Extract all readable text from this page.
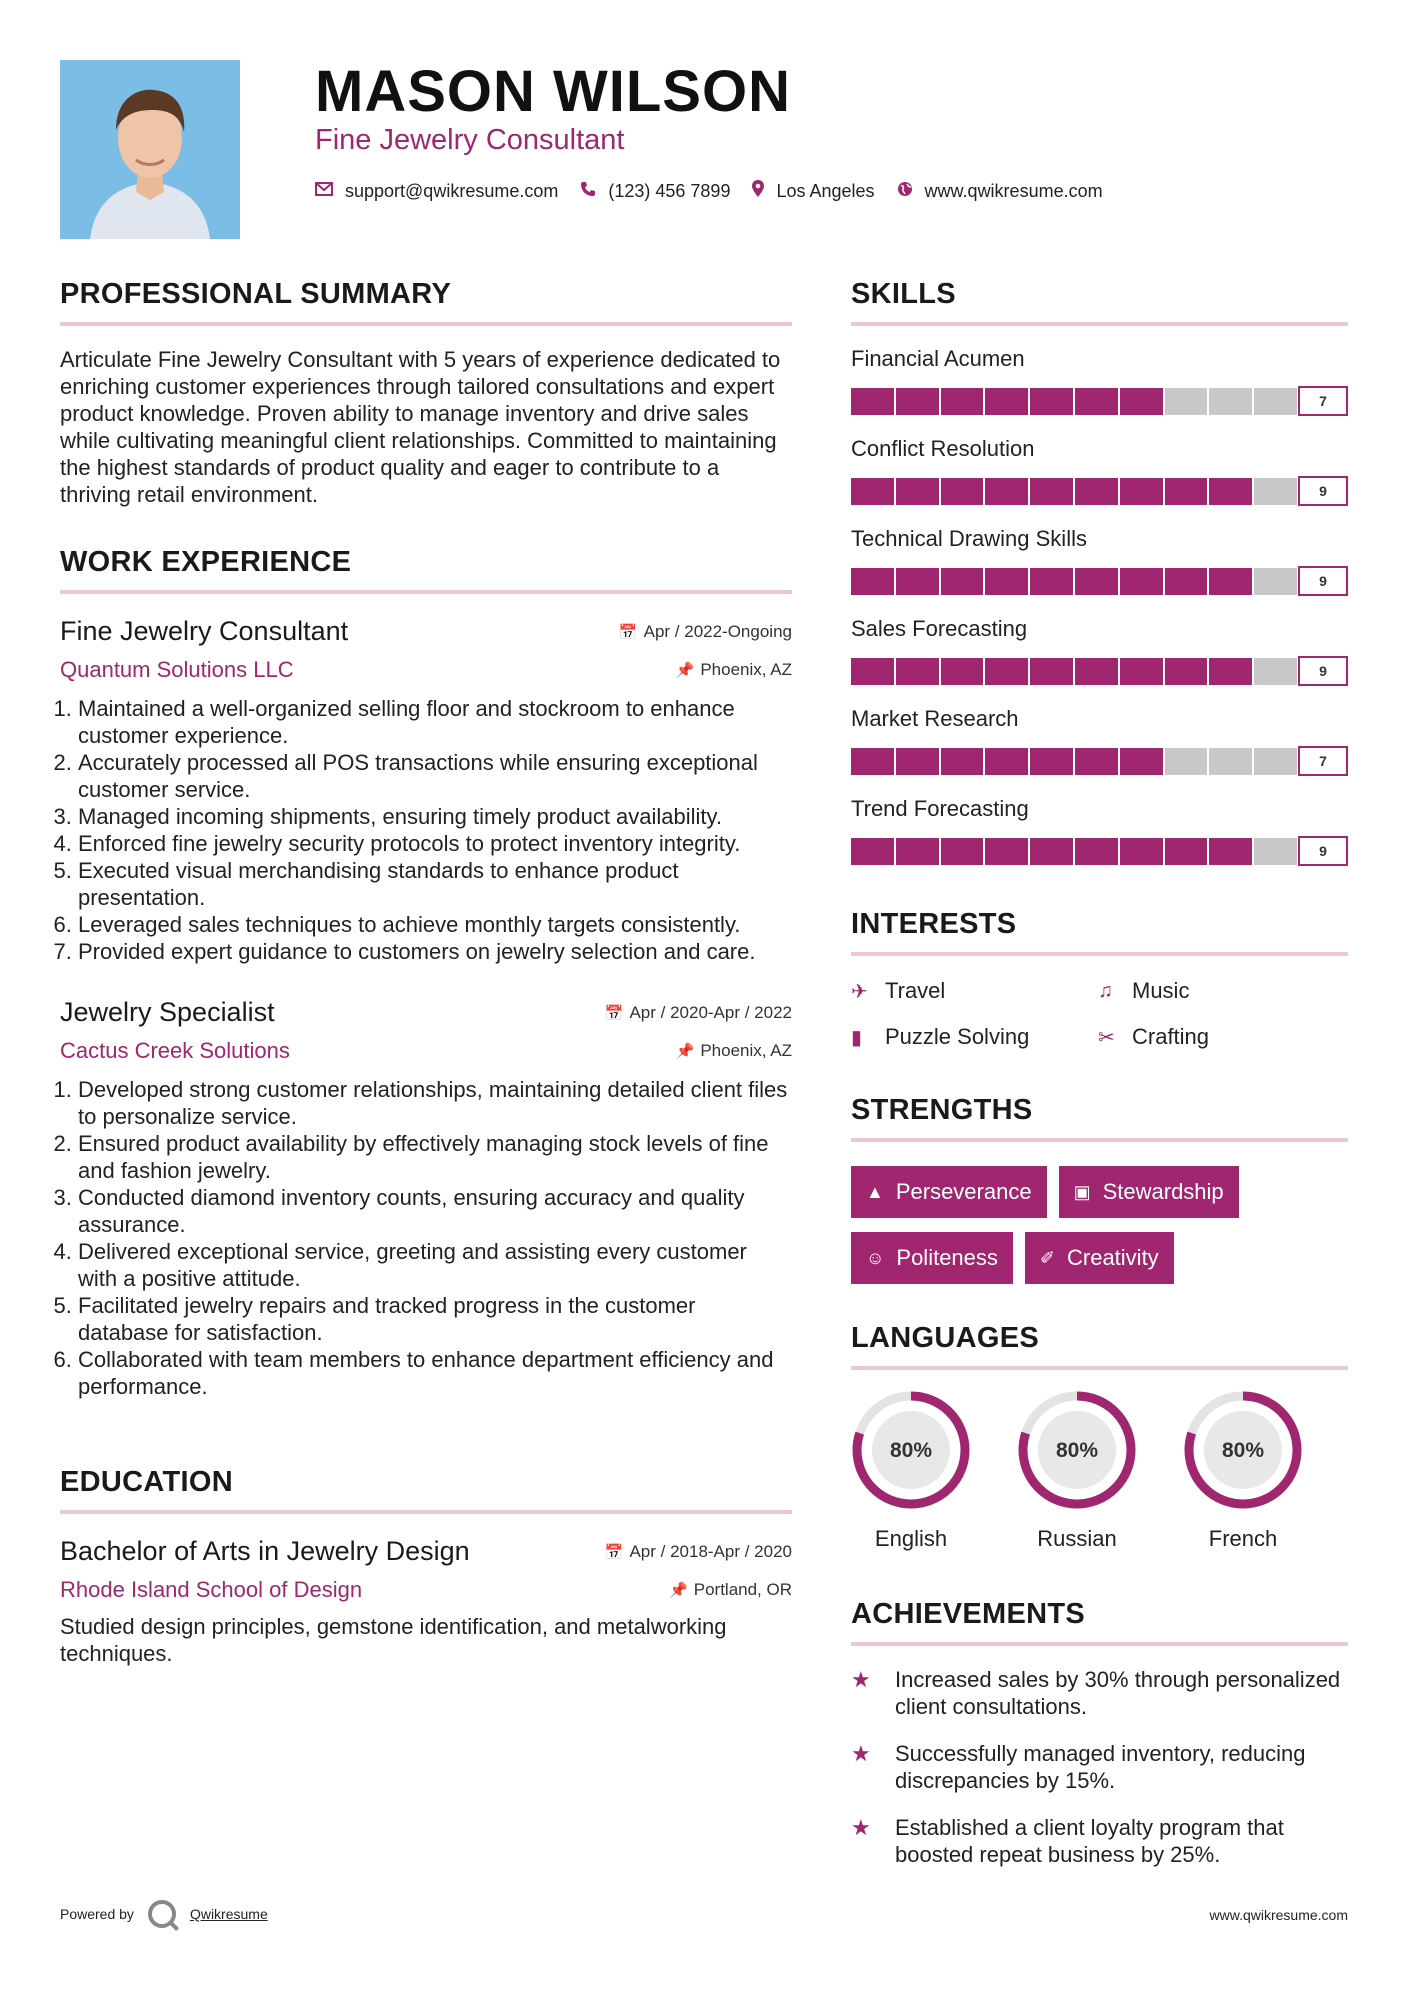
MASON WILSON
Fine Jewelry Consultant
support@qwikresume.com	(123) 456 7899	Los Angeles	www.qwikresume.com
PROFESSIONAL SUMMARY

Articulate Fine Jewelry Consultant with 5 years of experience dedicated to enriching customer experiences through tailored consultations and expert product knowledge. Proven ability to manage inventory and drive sales while cultivating meaningful client relationships. Committed to maintaining the highest standards of product quality and eager to contribute to a thriving retail environment.

WORK EXPERIENCE
Fine Jewelry Consultant	📅 Apr / 2022-Ongoing
Quantum Solutions LLC	📌 Phoenix, AZ
1. Maintained a well-organized selling floor and stockroom to enhance customer experience.
2. Accurately processed all POS transactions while ensuring exceptional customer service.
3. Managed incoming shipments, ensuring timely product availability.
4. Enforced fine jewelry security protocols to protect inventory integrity.
5. Executed visual merchandising standards to enhance product presentation.
6. Leveraged sales techniques to achieve monthly targets consistently.
7. Provided expert guidance to customers on jewelry selection and care.
Jewelry Specialist	📅 Apr / 2020-Apr / 2022
Cactus Creek Solutions	📌 Phoenix, AZ
1. Developed strong customer relationships, maintaining detailed client files to personalize service.
2. Ensured product availability by effectively managing stock levels of fine and fashion jewelry.
3. Conducted diamond inventory counts, ensuring accuracy and quality assurance.
4. Delivered exceptional service, greeting and assisting every customer with a positive attitude.
5. Facilitated jewelry repairs and tracked progress in the customer database for satisfaction.
6. Collaborated with team members to enhance department efficiency and performance.
EDUCATION
Bachelor of Arts in Jewelry Design	📅 Apr / 2018-Apr / 2020
Rhode Island School of Design	📌 Portland, OR

Studied design principles, gemstone identification, and metalworking techniques.

SKILLS
Financial Acumen
7
Conflict Resolution
9
Technical Drawing Skills
9
Sales Forecasting
9
Market Research
7
Trend Forecasting
9
INTERESTS
✈ Travel	♫ Music
▮	Puzzle Solving	✂ Crafting
STRENGTHS
▲ Perseverance ▣ Stewardship
☺ Politeness ✐ Creativity
LANGUAGES
80%
English
80%
Russian
80%
French
ACHIEVEMENTS
★	Increased sales by 30% through personalized client consultations.
★	Successfully managed inventory, reducing discrepancies by 15%.
★	Established a client loyalty program that boosted repeat business by 25%.
Powered by	Qwikresume	www.qwikresume.com
